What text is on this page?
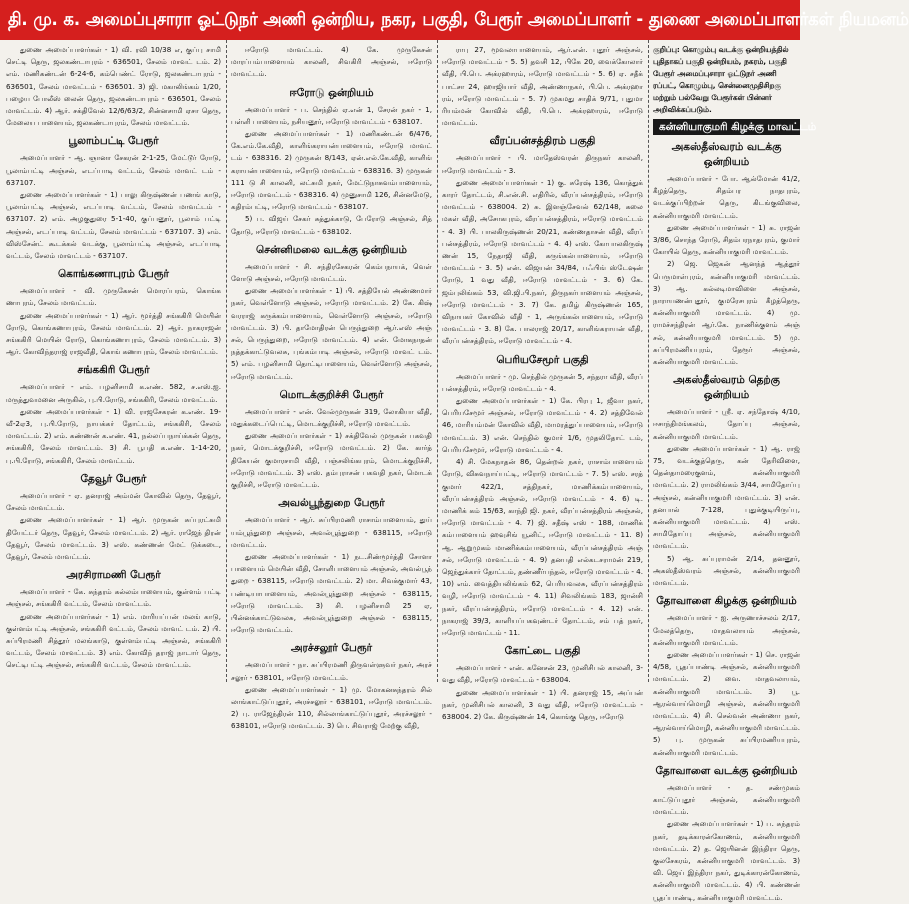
தி. மு. க. அமைப்புசாரா ஓட்டுநர் அணி ஒன்றிய, நகர, பகுதி, பேரூர் அமைப்பாளர் - துணை அமைப்பாளர்கள் நியமனம்
துணை அமைப்பாளர்கள் - 1) வி. ரவி 10/38 எ, குப்பு சாமி செட்டி தெரு, ஜலகண்டாபுரம் - 636501, சேலம் மாவட் டம். 2) எம். மணிகண்டன் 6-24-6, கம்பெண்ட் ரோடு, ஜலகண்டாபுரம் - 636501, சேலம் மாவட்டம் - 636501. 3) ஜி. மகாலிங்கம் 1/20, பழைய போலீஸ் லைன் தெரு, ஜலகண்டாபுரம் - 636501, சேலம் மாவட்டம். 4) ஆர். சக்திவேல் 12/6/63/2, சின்னசாமி ஏசா தெரு, மேலைய பாளையம், ஜலகண்டாபுரம், சேலம் மாவட்டம்.
பூலாம்பட்டி பேரூர்
அமைப்பாளர் - ஆ. ஞானா சேகரன் 2-1-25, மேட்டூர் ரோடு, பூலாம்பட்டி அஞ்சல், எடப்பாடி வட்டம், சேலம் மாவட் டம் - 637107.
துணை அமைப்பாளர்கள் - 1) பாலு கிருஷ்ணன் பணங் காடு, பூலாம்பட்டி அஞ்சல், எடப்பாடி வட்டம், சேலம் மாவட்டம் - 637107. 2) எம். அழகுதுரை 5-1-40, குப்பனூர், பூலாம் பட்டி அஞ்சல், எடப்பாடி வட்டம், சேலம் மாவட்டம் - 637107. 3) எம். விஸ்சேன்ட் கூடக்கல் வடக்கு, பூலாம்பட்டி அஞ்சல், எடப்பாடி வட்டம், சேலம் மாவட்டம் - 637107.
கொங்கணாபுரம் பேரூர்
அமைப்பாளர் - வி. முருகேசன் மொரப்பரம், கொங்க ணாபுரம், சேலம் மாவட்டம்.
துணை அமைப்பாளர்கள் - 1) ஆர். மூர்த்தி சங்ககிரி மெயின் ரோடு, கொங்கணாபுரம், சேலம் மாவட்டம். 2) ஆர். நாகராஜன் சங்ககிரி மெயின் ரோடு, கொங்கணாபுரம், சேலம் மாவட்டம். 3) ஆர். கோவிந்தராஜ் ராஜவீதி, கொங் கணாபுரம், சேலம் மாவட்டம்.
சங்ககிரி பேரூர்
அமைப்பாளர் - எம். பழனிசாமி க.எண். 582, ச.எஸ்.ஐ. மருத்துவமனை அருகில், பு.பி.ரோடு, சங்ககிரி, சேலம் மாவட்டம்.
துணை அமைப்பாளர்கள் - 1) வி. ராஜசேகரன் க.எண். 19-வீ-2ஏ3, பு.பி.ரோடு, நாயக்கர் தோட்டம், சங்ககிரி, சேலம் மாவட்டம். 2) எம். கண்ணன் க.எண். 41, நல்லப்பநாய்க்கன் தெரு, சங்ககிரி, சேலம் மாவட்டம். 3) சி. பூபதி க.எண். 1-14-20, பு.பி.ரோடு, சங்ககிரி, சேலம் மாவட்டம்.
தேவூர் பேரூர்
அமைப்பாளர் - ஏ. தனராஜ் அம்மன் கோவில் தெரு, தேவூர், சேலம் மாவட்டம்.
துணை அமைப்பாளர்கள் - 1) ஆர். முருகன் சுப்புரட்சுமி தியேட்டர் தெரு, தேவூர், சேலம் மாவட்டம். 2) ஆர். ராஜேந் திரன் தேவூர், சேலம் மாவட்டம். 3) எஸ். கண்ணன் மேட் டுக்கடை, தேவூர், சேலம் மாவட்டம்.
அரசிராமணி பேரூர்
அமைப்பாளர் - கே. சுந்தரம் கல்லம்பாளையம், குள்ளம் பட்டி அஞ்சல், சங்ககிரி வட்டம், சேலம் மாவட்டம்.
துணை அமைப்பாளர்கள் - 1) எம். மாரியப்பன் மலங் காடு, குள்ளம்பட்டி அஞ்சல், சங்ககிரி வட்டம், சேலம் மாவட் டம். 2) பி. சுப்பிரமணி சித்தூர் மலங்காடு, குள்ளம்பட்டி அஞ்சல், சங்ககிரி வட்டம், சேலம் மாவட்டம். 3) எம். கோவிந் தராஜ் நாடார் தெரு, செட்டிபட்டி அஞ்சல், சங்ககிரி வட்டம், சேலம் மாவட்டம்.
ஈரோடு மாவட்டம். 4) கே. முருகேசன் மாரப்பம்பாளையம் காலனி, சிவகிரி அஞ்சல், ஈரோடு மாவட்டம்.
ஈரோடு ஒன்றியம்
அமைப்பாளர் - ப. செந்தில் ஏ.என் 1, சேரன் நகர் - 1, பள்ளி பாளையம், நசியனூர், ஈரோடு மாவட்டம் - 638107.
துணை அமைப்பாளர்கள் - 1) மணிகண்டன் 6/476, கே.எம்.கே.வீதி, காளிங்கராயன்பாளையம், ஈரோடு மாவட் டம் - 638316. 2) முருகன் 8/143, ஏன்.எல்.கே.வீதி, காளிங் கராயன்பாளையம், ஈரோடு மாவட்டம் - 638316. 3) முருகன் 111 டு சி காலனி, லட்சுமி நகர், மேட்டுநாசுவம்பாளையம், ஈரோடு மாவட்டம் - 638316. 4) முனுசாமி 126, சின்னமேடு, கதிரம்பட்டி, ஈரோடு மாவட்டம் - 638107.
5) ப. விஜய் சேகர் சுத்துக்காடு, பேரோடு அஞ்சல், சித் தோடு, ஈரோடு மாவட்டம் - 638102.
சென்னிமலை வடக்கு ஒன்றியம்
அமைப்பாளர் - சி. சந்திரசேகரன் கெம்பநாயக், வெள் ளோடு அஞ்சல், ஈரோடு மாவட்டம்.
துணை அமைப்பாளர்கள் - 1) பி. சத்தியேல் அண்ணமார் நகர், வெள்ளோடு அஞ்சல், ஈரோடு மாவட்டம். 2) கே. கிஷ் வரராஜ் கருக்கம்பாளையம், வெள்ளோடு அஞ்சல், ஈரோடு மாவட்டம். 3) பி. தாமோதிரன் பெருந்துறை ஆர்.எஸ் அஞ் சல், பெருந்துறை, ஈரோடு மாவட்டம். 4) என். மோகநாதன் நத்தக்காட்டுவலசு, புங்கம்பாடி அஞ்சல், ஈரோடு மாவட் டம். 5) எம். பழனிசாமி தொட்டிபாளையம், வெள்ளோடு அஞ்சல், ஈரோடு மாவட்டம்.
மொடக்குறிச்சி பேரூர்
அமைப்பாளர் - என். வேல்முருகன் 319, லோகியா வீதி, மதுக்கடைப்பெட்டி, மொடக்குறிச்சி, ஈரோடு மாவட்டம்.
துணை அமைப்பாளர்கள் - 1) சக்திவேல் முருகன் பகவதி நகர், மொடக்குறிச்சி, ஈரோடு மாவட்டம். 2) கே. கார்த் திகேயன் குமாரசாமி வீதி, பஞ்சலிங்கபுரம், மொடக்குறிச்சி, ஈரோடு மாவட்டம். 3) எஸ். தம்புராசன் பகவதி நகர், மொடக் குறிச்சி, ஈரோடு மாவட்டம்.
அவல்பூந்துறை பேரூர்
அமைப்பாளர் - ஆர். சுப்பிரமணி ராசாம்பாளையம், துய் யம்பூந்துறை அஞ்சல், அவல்பூந்துறை - 638115, ஈரோடு மாவட்டம்.
துணை அமைப்பாளர்கள் - 1) நட.சிண்மூர்த்தி சோளா பாளையம் மெயின் வீதி, சோளிபாளையம் அஞ்சல், அவல்பூந் துறை - 638115, ஈரோடு மாவட்டம். 2) மா. சிவக்குமார் 43, பண்டியாபாளையம், அவல்பூந்துறை அஞ்சல் - 638115, ஈரோடு மாவட்டம். 3) சி. பழனிசாமி 25 ஏ, பின்னக்காட்டுவலசு, அவல்பூந்துறை அஞ்சல் - 638115, ஈரோடு மாவட்டம்.
அரச்சலூர் பேரூர்
அமைப்பாளர் - நா. சுப்பிரமணி திருவள்ளுவர் நகர், அரச் சலூர் - 638101, ஈரோடு மாவட்டம்.
துணை அமைப்பாளர்கள் - 1) மு. மோகனசுந்தரம் சில் லாங்காட்டுப்புதூர், அரச்சலூர் - 638101, ஈரோடு மாவட்டம். 2) பு. ராஜேந்திரன் 110, சில்லாங்காட்டுப்புதூர், அரச்சலூர் - 638101, ஈரோடு மாவட்டம். 3) பெ. சிவராஜ் மேற்கு வீதி,
ராபு 27, மூவலாபாளையம், ஆர்.என். புதூர் அஞ்சல், ஈரோடு மாவட்டம் - 5. 5) தவசி 12, பிகே 20, வைக்கோலார் வீதி, பி.பெ. அக்ரஹாரம், ஈரோடு மாவட்டம் - 5. 6) ஏ. சதீக் பாட்சா 24, ஹாஜியார் வீதி, அண்ணாநகர், பி.பெ. அக்ரஹா ரம், ஈரோடு மாவட்டம் - 5. 7) முகமது சாதிக் 9/71, புதுமா ரியம்மன் கோவில் வீதி, பி.பெ. அக்ரஹாரம், ஈரோடு மாவட்டம்.
வீரப்பன்சத்திரம் பகுதி
அமைப்பாளர் - பி. மாதேஸ்வரன் திருநகர் காலனி, ஈரோடு மாவட்டம் - 3.
துணை அமைப்பாளர்கள் - 1) கு. சுரேஷ் 136, கொத்துக் காரர் தோட்டம், சி.என்.சி. எதிரில், வீரப்பன்சத்திரம், ஈரோடு மாவட்டம் - 638004. 2) சு. இளஞ்சேவல் 62/148, கலை மகள் வீதி, அசோகபுரம், வீரப்பன்சத்திரம், ஈரோடு மாவட்டம் - 4. 3) பி. பாலகிருஷ்ணன் 20/21, கண்ணதாசன் வீதி, வீரப் பன்சத்திரம், ஈரோடு மாவட்டம் - 4. 4) எஸ். கோபாலகிருஷ் ணன் 15, நேதாஜி வீதி, கருங்கல்பாளையம், ஈரோடு மாவட்டம் - 3. 5) என். விஜயன் 34/84, பஃபிங் ஸ்டேஷன் ரோடு, 1 வது வீதி, ஈரோடு மாவட்டம் - 3. 6) கே. ஜம்புலிங்கம் 53, வி.ஜி.பி.நகர், திருநகர்பாளையம் அஞ்சல், ஈரோடு மாவட்டம் - 3. 7) கே. தமிழ் கிருஷ்ணன் 165, விநாயகர் கோவில் வீதி - 1, அருங்கல்பாளையம், ஈரோடு மாவட்டம் - 3. 8) கே. பாலராஜ் 20/17, காளிங்கராயன் வீதி, வீரப்பன்சத்திரம், ஈரோடு மாவட்டம் - 4.
பெரியசேமூர் பகுதி
அமைப்பாளர் - மு. செந்தில் முருகன் 5, சந்தரா வீதி, வீரப் பன்சத்திரம், ஈரோடு மாவட்டம் - 4.
துணை அமைப்பாளர்கள் - 1) கே. பிரபு 1, ஜீவா நகர், பெரியசேமூர் அஞ்சல், ஈரோடு மாவட்டம் - 4. 2) சத்திவேல் 46, மாரியம்மன் கோவில் வீதி, மாமரத்துப்பாளையம், ஈரோடு மாவட்டம். 3) என். செந்தில் குமார் 1/6, முதலிதோட் டம், பெரியசேமூர், ஈரோடு மாவட்டம் - 4.
4) சி. மேகநாதன் 86, தென்றல் நகர், ராசாம்பாளையம் ரோடு, விசுவநாய்பட்டி, ஈரோடு மாவட்டம் - 7. 5) எஸ். சரத் குமார் 422/1, சத்திநகர், மாணிக்கம்பாளையம், வீரப்பன்சத்திரம் அஞ்சல், ஈரோடு மாவட்டம் - 4. 6) டி. மாணிக் கம் 15/63, காந்தி ஜி. நகர், வீரப்பன்சத்திரம் அஞ்சல், ஈரோடு மாவட்டம் - 4. 7) ஜி. சதீஷ் எஸ் - 188, மாணிக் கம்பாளையம் ஹவுசிங் யூனிட், ஈரோடு மாவட்டம் - 11. 8) ஆ. ஆறுமுகம் மாணிக்கம்பாளையம், வீரப்பன்சத்திரம் அஞ் சல், ஈரோடு மாவட்டம் - 4. 9) தனபதி எல்கடசராமன் 219, ஜெந்துக்கார் தோட்டம், தண்ணீர்பந்தல், ஈரோடு மாவட்டம் - 4. 10) எம். வைத்தியலிங்கம் 62, பெரியவலசு, வீரப்பன்சத்திரம் வழி, ஈரோடு மாவட்டம் - 4. 11) சிவலிங்கம் 183, ஜான்சி நகர், வீரப்பன்சத்திரம், ஈரோடு மாவட்டம் - 4. 12) என். நாகராஜ் 39/3, காளியப்பகவுண்டர் தோட்டம், சம் பத் நகர், ஈரோடு மாவட்டம் - 11.
கோட்டை பகுதி
அமைப்பாளர் - என். கனேசன் 23, முனிசிபல் காலனி, 3-வது வீதி, ஈரோடு மாவட்டம் - 638004.
துணை அமைப்பாளர்கள் - 1) பி. தனராஜ் 15, அப்பன் நகர், முனிசிபல் காலனி, 3 வது வீதி, ஈரோடு மாவட்டம் - 638004. 2) கே. கிருஷ்ணன் 14, கொங்கு தெரு, ஈரோடு
குறிப்பு: கொழும்பு வடக்கு ஒன்றியத்தில் புதிதாகப் பகுதி ஒன்றியம், நகரம், பகுதி பேரூர் அமைப்புசாரா ஓட்டுநர் அணி ரப்பட், கொழும்பு, சென்னைமுதிசிறகு மற்றும் பல்வேறு பேரூர்கள் பின்னர் அறிவிக்கப்படும்.
கன்னியாகுமரி கிழக்கு மாவட்டம்
அகஸ்தீஸ்வரம் வடக்கு ஒன்றியம்
அமைப்பாளர் - போ. ஆல்மோன் 41/2, கீழத்தெரு, சிதம்பர நாதபுரம், வடக்குப்பிற்றன் தெரு, கிடங்குவிலை, கன்னியாகுமரி மாவட்டம்.
துணை அமைப்பாளர்கள் - 1) சு. ராஜன் 3/86, சொந்த ரோடு, சிதம்பரநாதபுரம், குமார் கோயில் தெரு, கன்னியாகுமரி மாவட்டம்.
2) ஜெ. ஜெகன் ஆனந்த் ஆத்தூர் பெருமாள்புரம், கன்னியாகுமரி மாவட்டம். 3) ஆ. கல்லடிமாவிளை அஞ்சல், நாராயணன்புதூர், குமரேசபுரம் கீழத்தெரு, கன்னியாகுமரி மாவட்டம். 4) மு. ராமச்சந்திரன் ஆர்.கே. நாணிக்குளம் அஞ் சல், கன்னியாகுமரி மாவட்டம். 5) மு. சுப்பிரமணியபுரம், தேரூர் அஞ்சல், கன்னியாகுமரி மாவட்டம்.
அகஸ்தீஸ்வரம் தெற்கு ஒன்றியம்
அமைப்பாளர் - ஸ்ரீ. ஏ. சந்தோஷ் 4/10, ஈசாந்திமங்கலம், தோப்பு அஞ்சல், கன்னியாகுமரி மாவட்டம்.
துணை அமைப்பாளர்கள் - 1) ஆ. ராஜ் 75, வடக்குத்தெரு, கன் தேரிவிளை, தென்தாமரைகுளம், கன்னியாகுமரி மாவட்டம். 2) ராமலிங்கம் 3/44, சாமிதோப்பு அஞ்சல், கன்னியாகுமரி மாவட்டம். 3) என். தனபால் 7-128, புதுக்குடியிருப்பு, கன்னியாகுமரி மாவட்டம். 4) எஸ். சாமிதோப்பு அஞ்சல், கன்னியாகுமரி மாவட்டம்.
5) ஆ. சுப்புராமன் 2/14, தனனூர், அகஸ்தீஸ்வரம் அஞ்சல், கன்னியாகுமரி மாவட்டம்.
தோவாளை கிழக்கு ஒன்றியம்
அமைப்பாளர் - ஐ. அருணாச்சலம் 2/17, மேலத்தெரு, மாதவலாயம் அஞ்சல், கன்னியாகுமரி மாவட்டம்.
துணை அமைப்பாளர்கள் - 1) செ. ராஜன் 4/58, பூதப்பாண்டி அஞ்சல், கன்னியாகுமரி மாவட்டம். 2) வை. மாதவலாயம், கன்னியாகுமரி மாவட்டம். 3) பூ. ஆரல்வாய்மொழி அஞ்சல், கன்னியாகுமரி மாவட்டம். 4) சி. செல்வன் அண்ணா நகர், ஆரல்வாய்மொழி, கன்னியாகுமரி மாவட்டம். 5) பு. முருகன் சுப்பிரமணியபுரம், கன்னியாகுமரி மாவட்டம்.
தோவாளை வடக்கு ஒன்றியம்
அமைப்பாளர் - த. சண்முகம் காட்டுப்புதூர் அஞ்சல், கன்னியாகுமரி மாவட்டம்.
துணை அமைப்பாளர்கள் - 1) ப. சுந்தரம் நகர், தடிக்காரன்கோணம், கன்னியாகுமரி மாவட்டம். 2) த. ஜெயினன் இந்திரா தெரு, குலசேகரம், கன்னியாகுமரி மாவட்டம். 3) வி. ஜெய் இந்திரா நகர், துடிக்காரன்கோணம், கன்னியாகுமரி மாவட்டம். 4) பி. கண்ணன் பூதப்பாண்டி, கன்னியாகுமரி மாவட்டம்.
